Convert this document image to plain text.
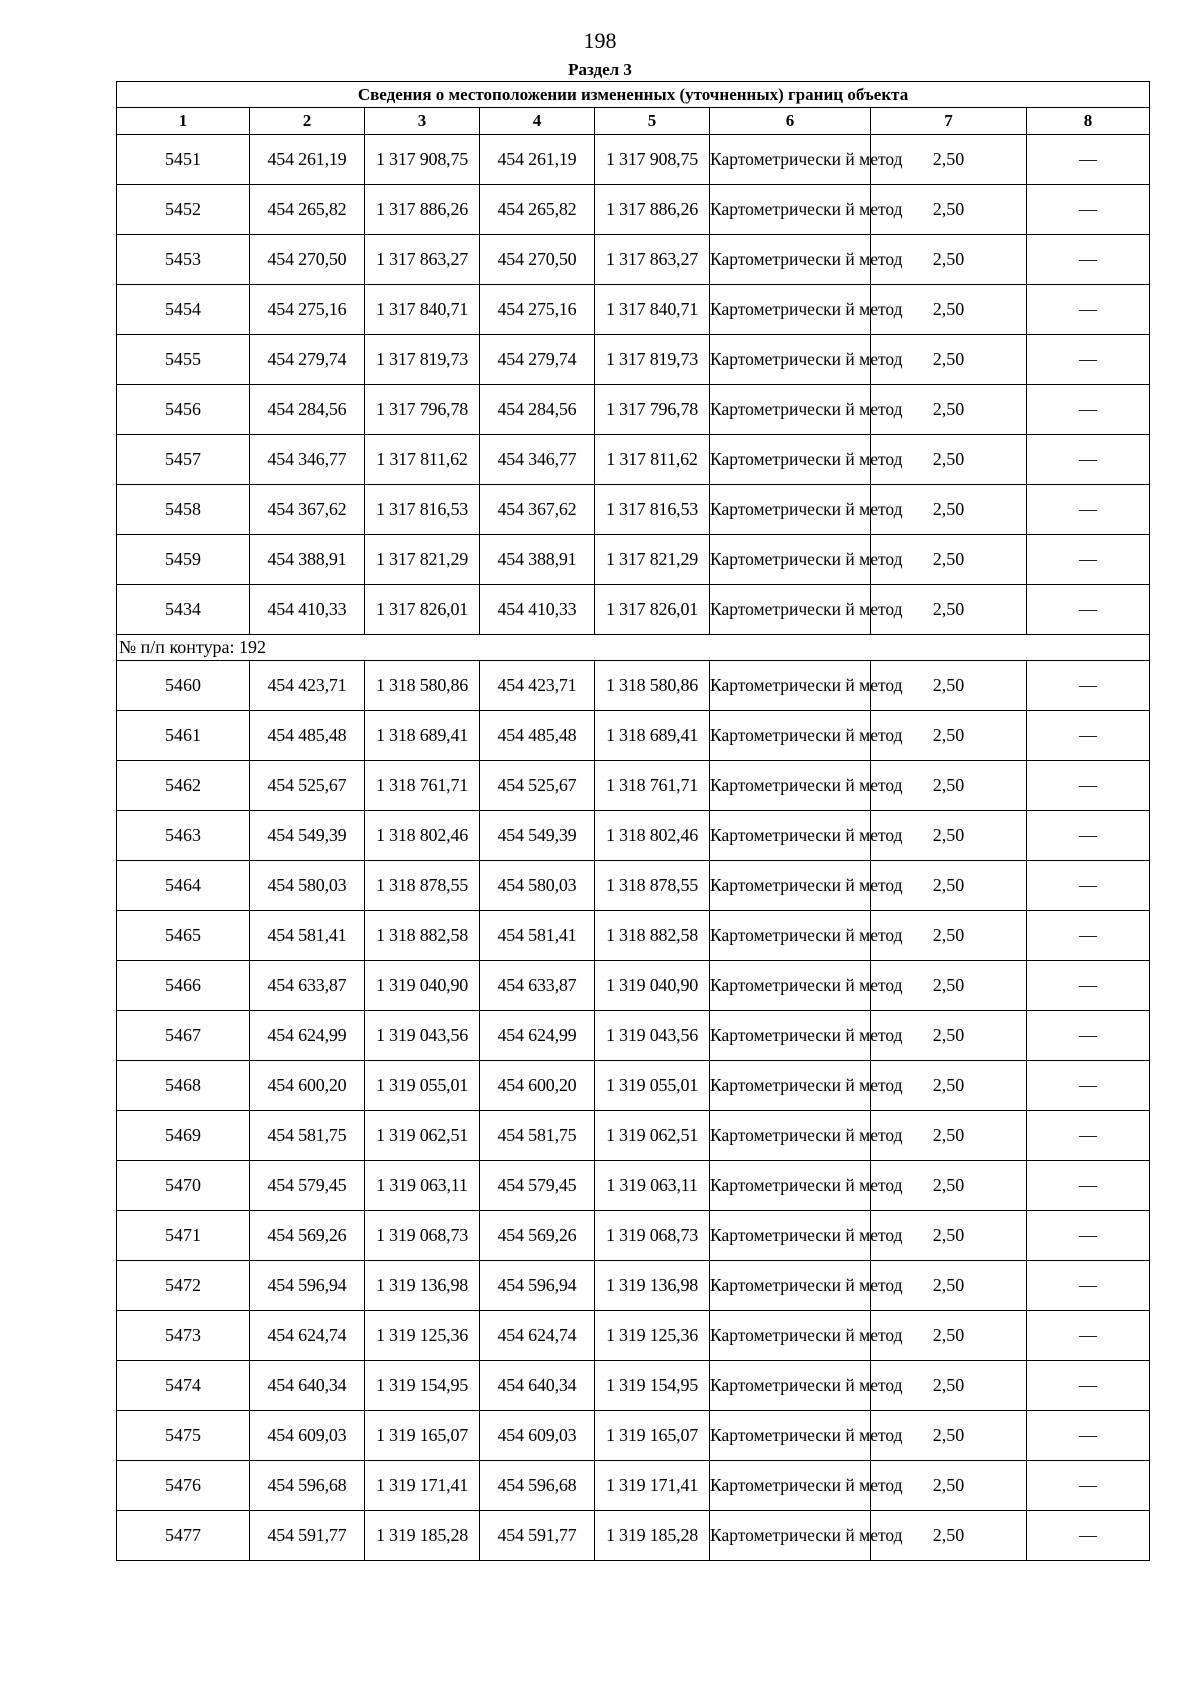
198
Раздел 3
Сведения о местоположении измененных (уточненных) границ объекта							
1	2	3	4	5	6	7	8
5451	454 261,19	1 317 908,75	454 261,19	1 317 908,75	Картометрически й метод	2,50	—
5452	454 265,82	1 317 886,26	454 265,82	1 317 886,26	Картометрически й метод	2,50	—
5453	454 270,50	1 317 863,27	454 270,50	1 317 863,27	Картометрически й метод	2,50	—
5454	454 275,16	1 317 840,71	454 275,16	1 317 840,71	Картометрически й метод	2,50	—
5455	454 279,74	1 317 819,73	454 279,74	1 317 819,73	Картометрически й метод	2,50	—
5456	454 284,56	1 317 796,78	454 284,56	1 317 796,78	Картометрически й метод	2,50	—
5457	454 346,77	1 317 811,62	454 346,77	1 317 811,62	Картометрически й метод	2,50	—
5458	454 367,62	1 317 816,53	454 367,62	1 317 816,53	Картометрически й метод	2,50	—
5459	454 388,91	1 317 821,29	454 388,91	1 317 821,29	Картометрически й метод	2,50	—
5434	454 410,33	1 317 826,01	454 410,33	1 317 826,01	Картометрически й метод	2,50	—
№ п/п контура: 192							
5460	454 423,71	1 318 580,86	454 423,71	1 318 580,86	Картометрически й метод	2,50	—
5461	454 485,48	1 318 689,41	454 485,48	1 318 689,41	Картометрически й метод	2,50	—
5462	454 525,67	1 318 761,71	454 525,67	1 318 761,71	Картометрически й метод	2,50	—
5463	454 549,39	1 318 802,46	454 549,39	1 318 802,46	Картометрически й метод	2,50	—
5464	454 580,03	1 318 878,55	454 580,03	1 318 878,55	Картометрически й метод	2,50	—
5465	454 581,41	1 318 882,58	454 581,41	1 318 882,58	Картометрически й метод	2,50	—
5466	454 633,87	1 319 040,90	454 633,87	1 319 040,90	Картометрически й метод	2,50	—
5467	454 624,99	1 319 043,56	454 624,99	1 319 043,56	Картометрически й метод	2,50	—
5468	454 600,20	1 319 055,01	454 600,20	1 319 055,01	Картометрически й метод	2,50	—
5469	454 581,75	1 319 062,51	454 581,75	1 319 062,51	Картометрически й метод	2,50	—
5470	454 579,45	1 319 063,11	454 579,45	1 319 063,11	Картометрически й метод	2,50	—
5471	454 569,26	1 319 068,73	454 569,26	1 319 068,73	Картометрически й метод	2,50	—
5472	454 596,94	1 319 136,98	454 596,94	1 319 136,98	Картометрически й метод	2,50	—
5473	454 624,74	1 319 125,36	454 624,74	1 319 125,36	Картометрически й метод	2,50	—
5474	454 640,34	1 319 154,95	454 640,34	1 319 154,95	Картометрически й метод	2,50	—
5475	454 609,03	1 319 165,07	454 609,03	1 319 165,07	Картометрически й метод	2,50	—
5476	454 596,68	1 319 171,41	454 596,68	1 319 171,41	Картометрически й метод	2,50	—
5477	454 591,77	1 319 185,28	454 591,77	1 319 185,28	Картометрически й метод	2,50	—
